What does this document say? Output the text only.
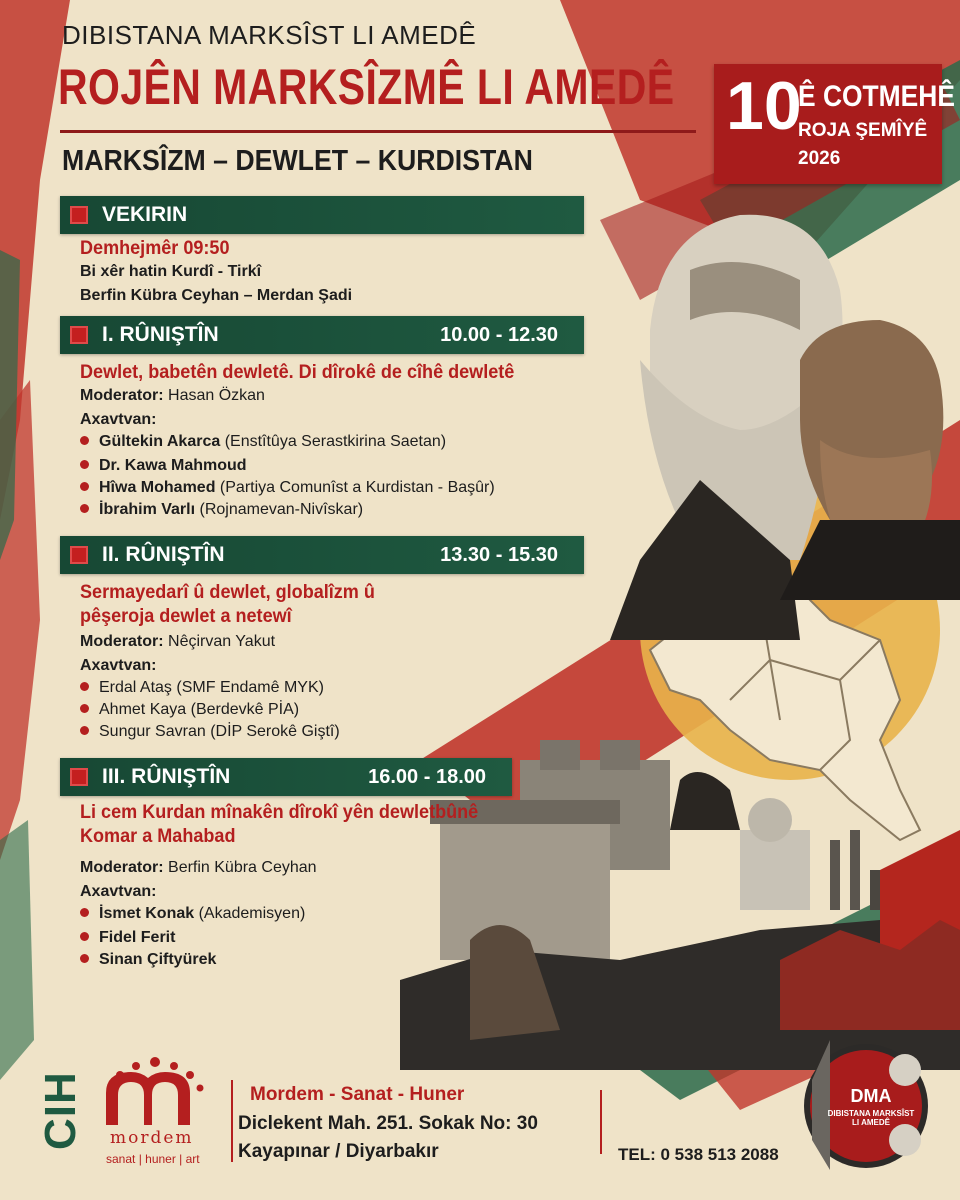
DIBISTANA MARKSÎST LI AMEDÊ
ROJÊN MARKSÎZMÊ LI AMEDÊ
MARKSÎZM – DEWLET – KURDISTAN
10
Ê COTMEHÊ
ROJA ŞEMÎYÊ
2026
VEKIRIN
Demhejmêr 09:50
Bi xêr hatin Kurdî - Tirkî
Berfin Kübra Ceyhan – Merdan Şadi
I. RÛNIŞTÎN	10.00 - 12.30
Dewlet, babetên dewletê. Di dîrokê de cîhê dewletê
Moderator: Hasan Özkan
Axavtvan:
Gültekin Akarca (Enstîtûya Serastkirina Saetan)
Dr. Kawa Mahmoud
Hîwa Mohamed (Partiya Comunîst a Kurdistan - Başûr)
İbrahim Varlı (Rojnamevan-Nivîskar)
II. RÛNIŞTÎN	13.30 - 15.30
Sermayedarî û dewlet, globalîzm û
pêşeroja dewlet a netewî
Moderator: Nêçirvan Yakut
Axavtvan:
Erdal Ataş (SMF Endamê MYK)
Ahmet Kaya (Berdevkê PİA)
Sungur Savran (DİP Serokê Giştî)
III. RÛNIŞTÎN	16.00 - 18.00
Li cem Kurdan mînakên dîrokî yên dewletbûnê
Komar a Mahabad
Moderator: Berfin Kübra Ceyhan
Axavtvan:
İsmet Konak (Akademisyen)
Fidel Ferit
Sinan Çiftyürek
CIH mordem
sanat | huner | art
Mordem - Sanat - Huner
Diclekent Mah. 251. Sokak No: 30
Kayapınar / Diyarbakır	TEL: 0 538 513 2088
DMA
DIBISTANA MARKSÎST
LI AMEDÊ
